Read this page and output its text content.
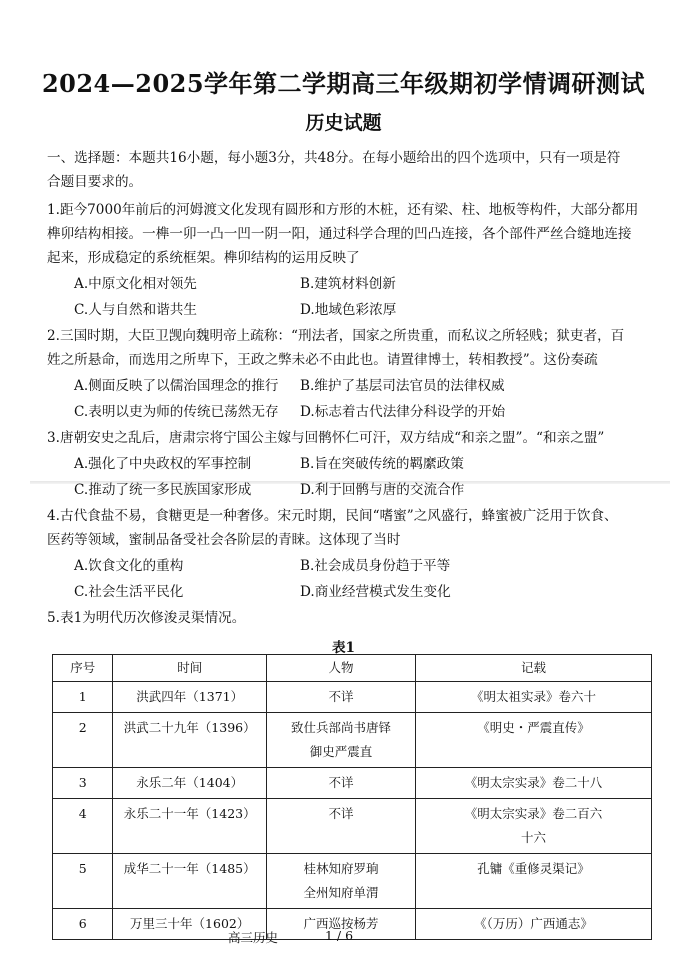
2024—2025学年第二学期高三年级期初学情调研测试
历史试题
一、选择题：本题共16小题，每小题3分，共48分。在每小题给出的四个选项中，只有一项是符
合题目要求的。
1.距今7000年前后的河姆渡文化发现有圆形和方形的木桩，还有梁、柱、地板等构件，大部分都用
榫卯结构相接。一榫一卯一凸一凹一阴一阳，通过科学合理的凹凸连接，各个部件严丝合缝地连接
起来，形成稳定的系统框架。榫卯结构的运用反映了
A.中原文化相对领先	B.建筑材料创新
C.人与自然和谐共生	D.地域色彩浓厚
2.三国时期，大臣卫觊向魏明帝上疏称：“刑法者，国家之所贵重，而私议之所轻贱；狱吏者，百
姓之所悬命，而选用之所卑下，王政之弊未必不由此也。请置律博士，转相教授”。这份奏疏
A.侧面反映了以儒治国理念的推行 B.维护了基层司法官员的法律权威
C.表明以吏为师的传统已荡然无存 D.标志着古代法律分科设学的开始
3.唐朝安史之乱后，唐肃宗将宁国公主嫁与回鹘怀仁可汗，双方结成“和亲之盟”。“和亲之盟”
A.强化了中央政权的军事控制	B.旨在突破传统的羁縻政策
C.推动了统一多民族国家形成	D.利于回鹘与唐的交流合作
4.古代食盐不易，食糖更是一种奢侈。宋元时期，民间“嗜蜜”之风盛行，蜂蜜被广泛用于饮食、
医药等领域，蜜制品备受社会各阶层的青睐。这体现了当时
A.饮食文化的重构	B.社会成员身份趋于平等
C.社会生活平民化	D.商业经营模式发生变化
5.表1为明代历次修浚灵渠情况。
表1
序号	时间	人物	记载
1	洪武四年（1371）	不详	《明太祖实录》卷六十
2	洪武二十九年（1396）	致仕兵部尚书唐铎
御史严震直	《明史・严震直传》
3	永乐二年（1404）	不详	《明太宗实录》卷二十八
4	永乐二十一年（1423）	不详	《明太宗实录》卷二百六
十六
5	成华二十一年（1485）	桂林知府罗珦
全州知府单渭	孔镛《重修灵渠记》
6	万里三十年（1602）	广西巡按杨芳	《（万历）广西通志》
高三历史	1 / 6
